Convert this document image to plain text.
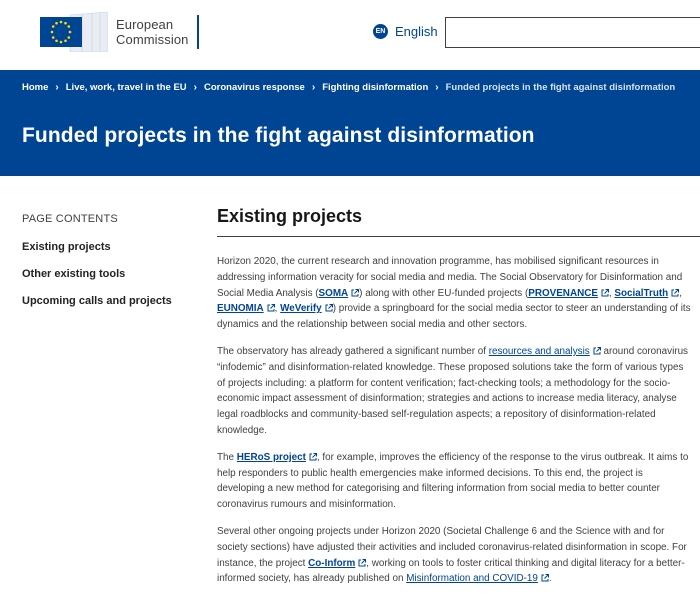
European
Commission
EN English
Home › Live, work, travel in the EU › Coronavirus response › Fighting disinformation › Funded projects in the fight against disinformation
Funded projects in the fight against disinformation
PAGE CONTENTS
Existing projects
Other existing tools
Upcoming calls and projects
Existing projects

Horizon 2020, the current research and innovation programme, has mobilised significant resources in addressing information veracity for social media and media. The Social Observatory for Disinformation and Social Media Analysis (SOMA ) along with other EU-funded projects (PROVENANCE , SocialTruth , EUNOMIA , WeVerify ) provide a springboard for the social media sector to steer an understanding of its dynamics and the relationship between social media and other sectors.

The observatory has already gathered a significant number of resources and analysis
around coronavirus “infodemic” and disinformation-related knowledge. These proposed solutions take the form of various types of projects including: a platform for content verification; fact-checking tools; a methodology for the socio-economic impact assessment of disinformation; strategies and actions to increase media literacy, analyse legal roadblocks and community-based self-regulation aspects; a repository of disinformation-related knowledge.

The HERoS project , for example, improves the efficiency of the response to the virus outbreak. It aims to help responders to public health emergencies make informed decisions. To this end, the project is developing a new method for categorising and filtering information from social media to better counter coronavirus rumours and misinformation.

Several other ongoing projects under Horizon 2020 (Societal Challenge 6 and the Science with and for society sections) have adjusted their activities and included coronavirus-related disinformation in scope. For instance, the project Co-Inform , working on tools to foster critical thinking and digital literacy for a better-informed society, has already published on Misinformation and COVID-19 .
